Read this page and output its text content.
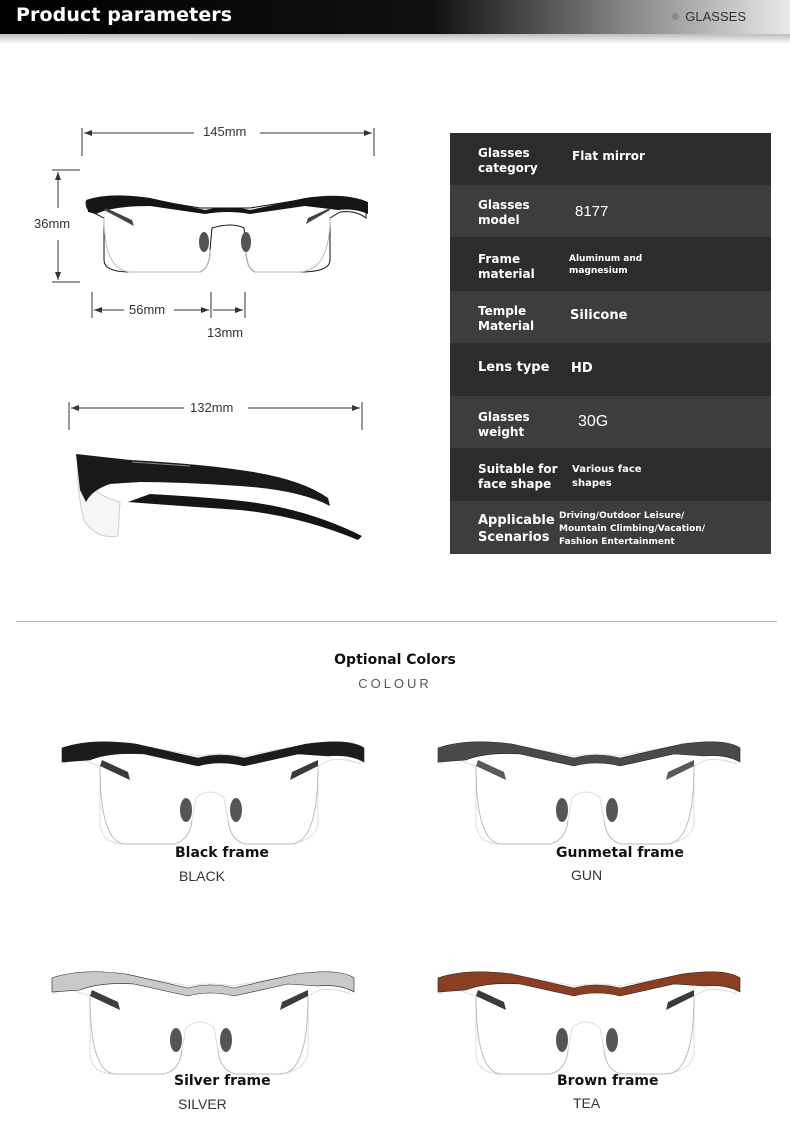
Product parameters	GLASSES
145mm
36mm
56mm
13mm
132mm
Glasses
category
Flat mirror
Glasses
model	8177
Frame
material
Aluminum and
magnesium
Temple
Material
Silicone
Lens type HD
Glasses
weight
30G
Suitable for
face shape
Various face
shapes
Applicable
Scenarios
Driving/Outdoor Leisure/
Mountain Climbing/Vacation/
Fashion Entertainment
Optional Colors
COLOUR
Black frame
BLACK
Gunmetal frame
GUN
Silver frame
SILVER
Brown frame
TEA
